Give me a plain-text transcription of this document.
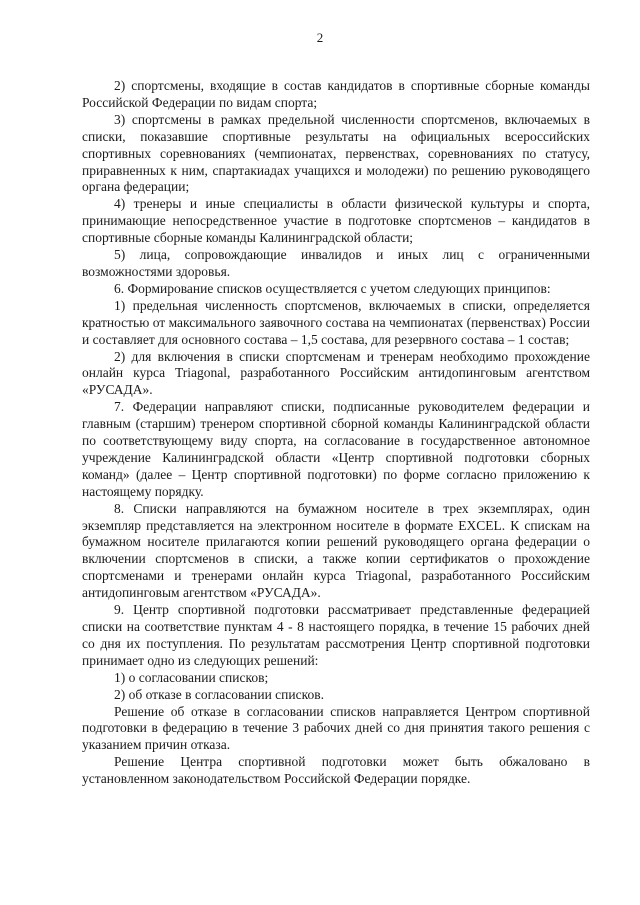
2

2) спортсмены, входящие в состав кандидатов в спортивные сборные команды Российской Федерации по видам спорта;

3) спортсмены в рамках предельной численности спортсменов, включаемых в списки, показавшие спортивные результаты на официальных всероссийских спортивных соревнованиях (чемпионатах, первенствах, соревнованиях по статусу, приравненных к ним, спартакиадах учащихся и молодежи) по решению руководящего органа федерации;

4) тренеры и иные специалисты в области физической культуры и спорта, принимающие непосредственное участие в подготовке спортсменов – кандидатов в спортивные сборные команды Калининградской области;

5) лица, сопровождающие инвалидов и иных лиц с ограниченными возможностями здоровья.

6. Формирование списков осуществляется с учетом следующих принципов:

1) предельная численность спортсменов, включаемых в списки, определяется кратностью от максимального заявочного состава на чемпионатах (первенствах) России и составляет для основного состава – 1,5 состава, для резервного состава – 1 состав;

2) для включения в списки спортсменам и тренерам необходимо прохождение онлайн курса Triagonal, разработанного Российским антидопинговым агентством «РУСАДА».

7. Федерации направляют списки, подписанные руководителем федерации и главным (старшим) тренером спортивной сборной команды Калининградской области по соответствующему виду спорта, на согласование в государственное автономное учреждение Калининградской области «Центр спортивной подготовки сборных команд» (далее – Центр спортивной подготовки) по форме согласно приложению к настоящему порядку.

8. Списки направляются на бумажном носителе в трех экземплярах, один экземпляр представляется на электронном носителе в формате EXCEL. К спискам на бумажном носителе прилагаются копии решений руководящего органа федерации о включении спортсменов в списки, а также копии сертификатов о прохождение спортсменами и тренерами онлайн курса Triagonal, разработанного Российским антидопинговым агентством «РУСАДА».

9. Центр спортивной подготовки рассматривает представленные федерацией списки на соответствие пунктам 4 - 8 настоящего порядка, в течение 15 рабочих дней со дня их поступления. По результатам рассмотрения Центр спортивной подготовки принимает одно из следующих решений:

1) о согласовании списков;

2) об отказе в согласовании списков.

Решение об отказе в согласовании списков направляется Центром спортивной подготовки в федерацию в течение 3 рабочих дней со дня принятия такого решения с указанием причин отказа.

Решение Центра спортивной подготовки может быть обжаловано в установленном законодательством Российской Федерации порядке.
